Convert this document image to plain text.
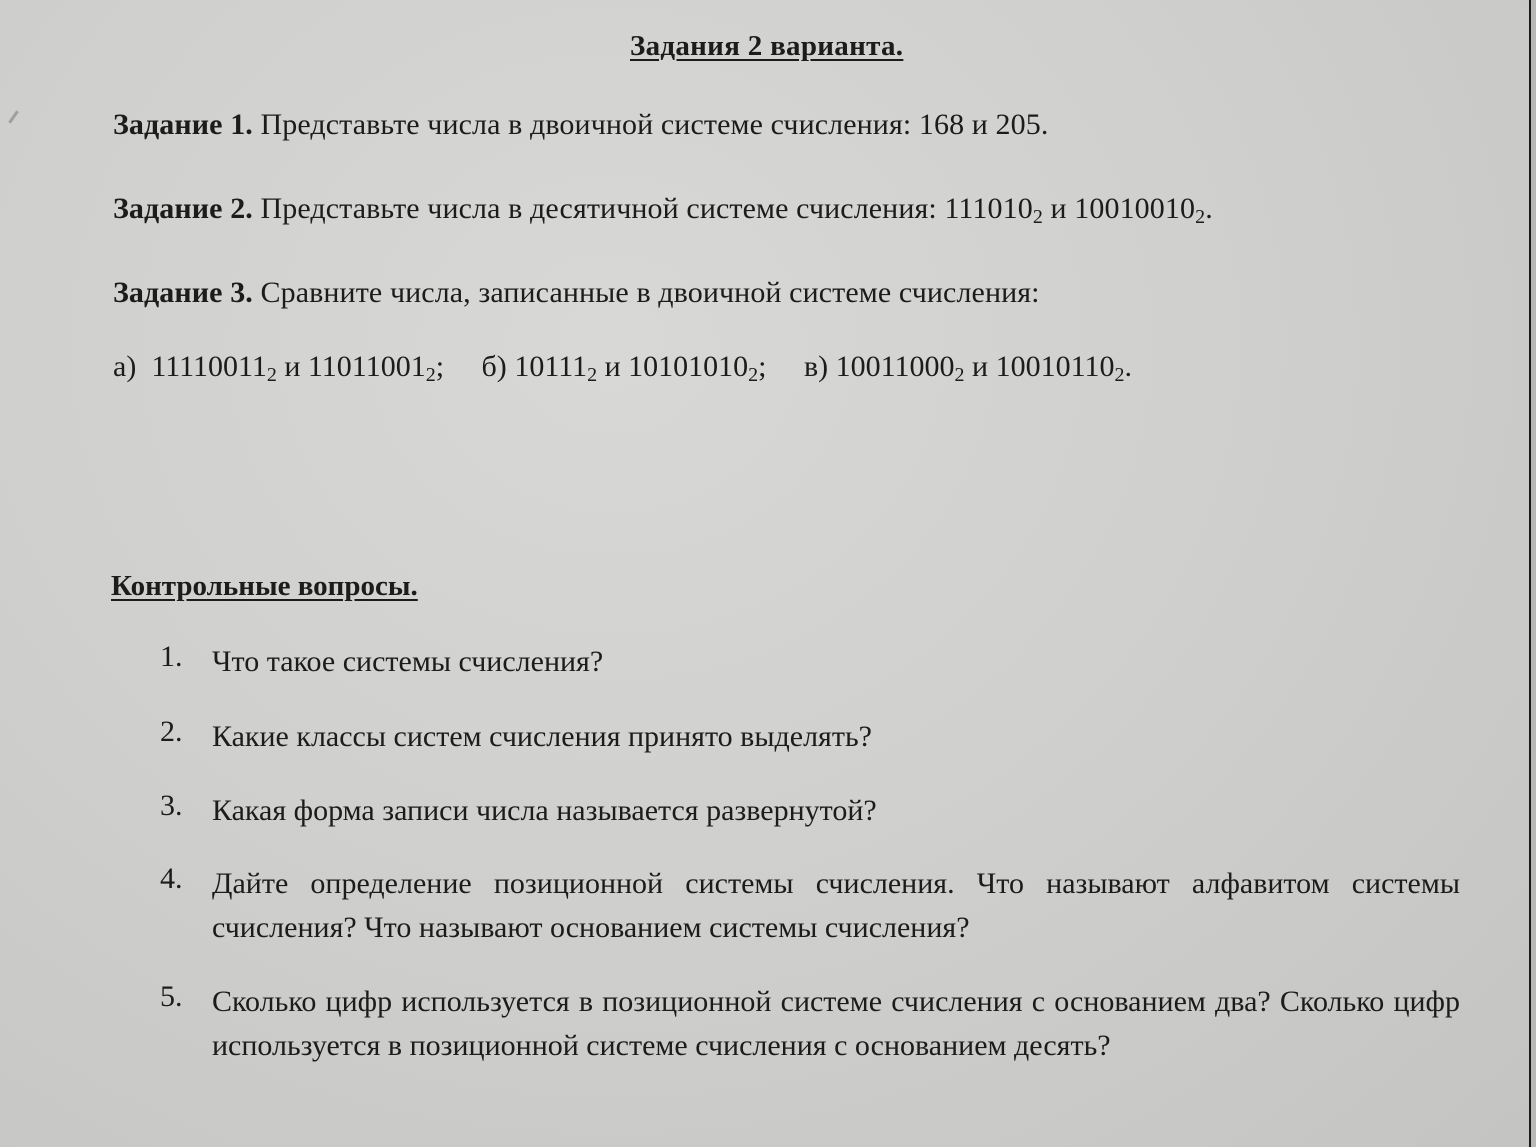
Задания 2 варианта.
Задание 1. Представьте числа в двоичной системе счисления: 168 и 205.
Задание 2. Представьте числа в десятичной системе счисления: $111010_2$ и $10010010_2$.
Задание 3. Сравните числа, записанные в двоичной системе счисления:
а) $11110011_2$ и $11011001_2$; б) $10111_2$ и $10101010_2$; в) $10011000_2$ и $10010110_2$.
Контрольные вопросы.
1. Что такое системы счисления?
2. Какие классы систем счисления принято выделять?
3. Какая форма записи числа называется развернутой?
4. Дайте определение позиционной системы счисления. Что называют алфавитом системы счисления? Что называют основанием системы счисления?
5. Сколько цифр используется в позиционной системе счисления с основанием два? Сколько цифр используется в позиционной системе счисления с основанием десять?
